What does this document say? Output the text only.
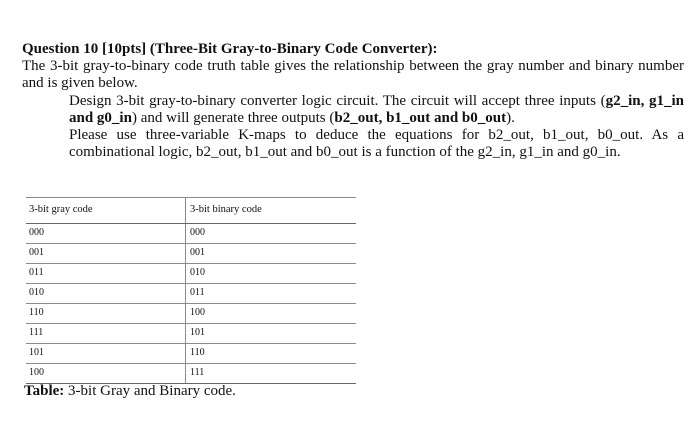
Question 10 [10pts] (Three-Bit Gray-to-Binary Code Converter):
The 3-bit gray-to-binary code truth table gives the relationship between the gray number and binary number
and is given below.

Design 3-bit gray-to-binary converter logic circuit. The circuit will accept three inputs (g2_in, g1_in and g0_in) and will generate three outputs (b2_out, b1_out and b0_out).

Please use three-variable K-maps to deduce the equations for b2_out, b1_out, b0_out. As a combinational logic, b2_out, b1_out and b0_out is a function of the g2_in, g1_in and g0_in.

3-bit gray code	3-bit binary code
000	000
001	001
011	010
010	011
110	100
111	101
101	110
100	111
Table: 3-bit Gray and Binary code.
